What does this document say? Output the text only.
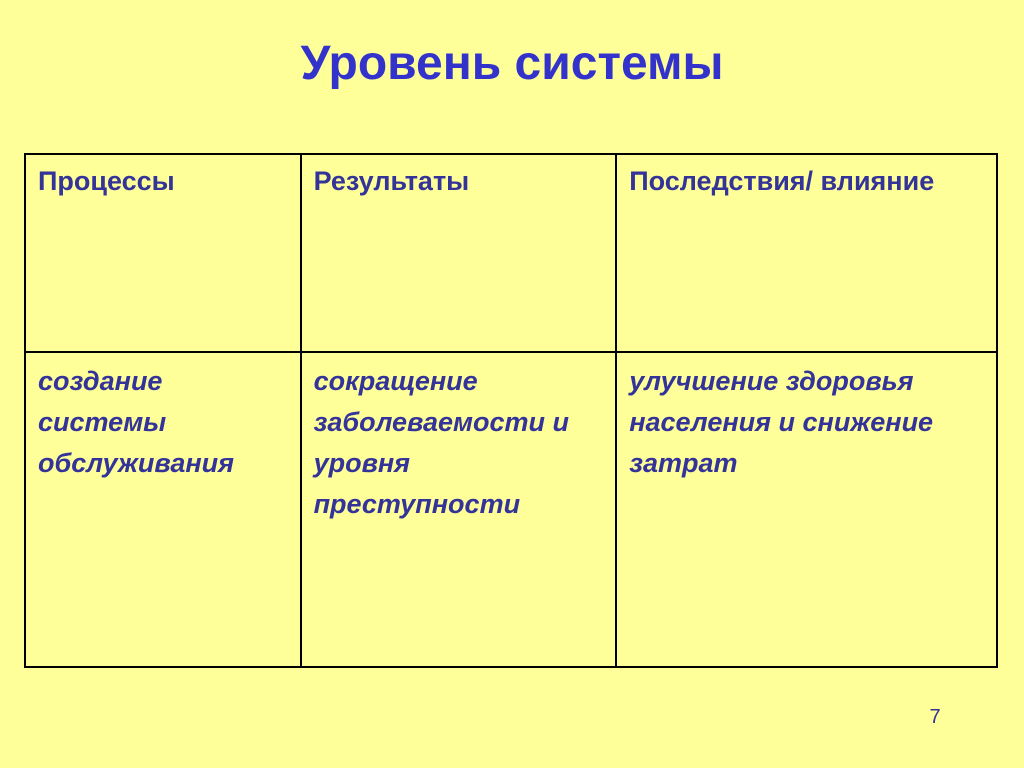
Уровень системы
Процессы	Результаты	Последствия/ влияние
создание системы обслуживания	сокращение заболеваемости и уровня преступности	улучшение здоровья населения и снижение затрат
7
